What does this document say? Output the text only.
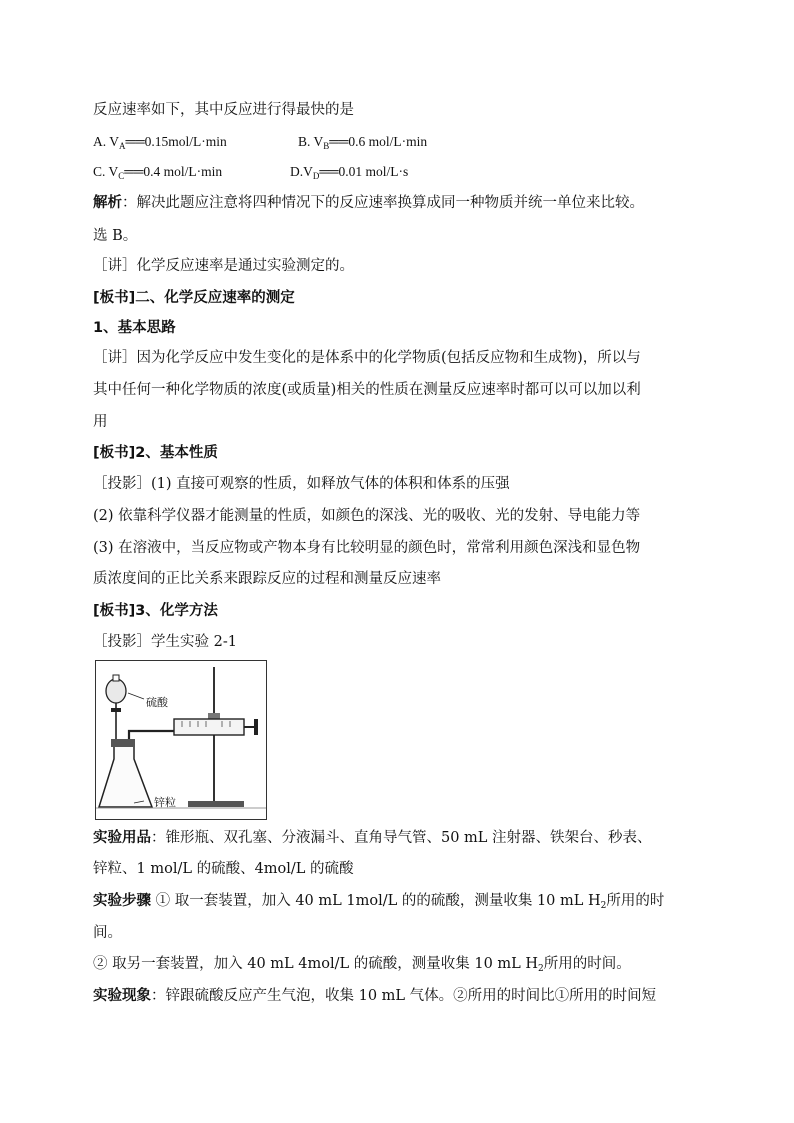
反应速率如下，其中反应进行得最快的是
A. $V_A══0.15mol/L\cdot\min$	B. $V_B══0.6$ mol/L·min
C. $V_C══0.4$ mol/L·min	$D.V_D══0.01$ mol/L·s
解析：解决此题应注意将四种情况下的反应速率换算成同一种物质并统一单位来比较。
选 B。
［讲］化学反应速率是通过实验测定的。
[板书]二、化学反应速率的测定
1、基本思路
［讲］因为化学反应中发生变化的是体系中的化学物质(包括反应物和生成物)，所以与
其中任何一种化学物质的浓度(或质量)相关的性质在测量反应速率时都可以可以加以利
用
[板书]2、基本性质
［投影］(1) 直接可观察的性质，如释放气体的体积和体系的压强
(2) 依靠科学仪器才能测量的性质，如颜色的深浅、光的吸收、光的发射、导电能力等
(3) 在溶液中，当反应物或产物本身有比较明显的颜色时，常常利用颜色深浅和显色物
质浓度间的正比关系来跟踪反应的过程和测量反应速率
[板书]3、化学方法
［投影］学生实验 2-1
硫酸
锌粒
实验用品：锥形瓶、双孔塞、分液漏斗、直角导气管、50 mL 注射器、铁架台、秒表、
锌粒、1 mol/L 的硫酸、4mol/L 的硫酸
实验步骤 ① 取一套装置，加入 40 mL 1mol/L 的的硫酸，测量收集 10 mL $H_2$所用的时
间。
② 取另一套装置，加入 40 mL 4mol/L 的硫酸，测量收集 10 mL $H_2$所用的时间。
实验现象：锌跟硫酸反应产生气泡，收集 10 mL 气体。②所用的时间比①所用的时间短
